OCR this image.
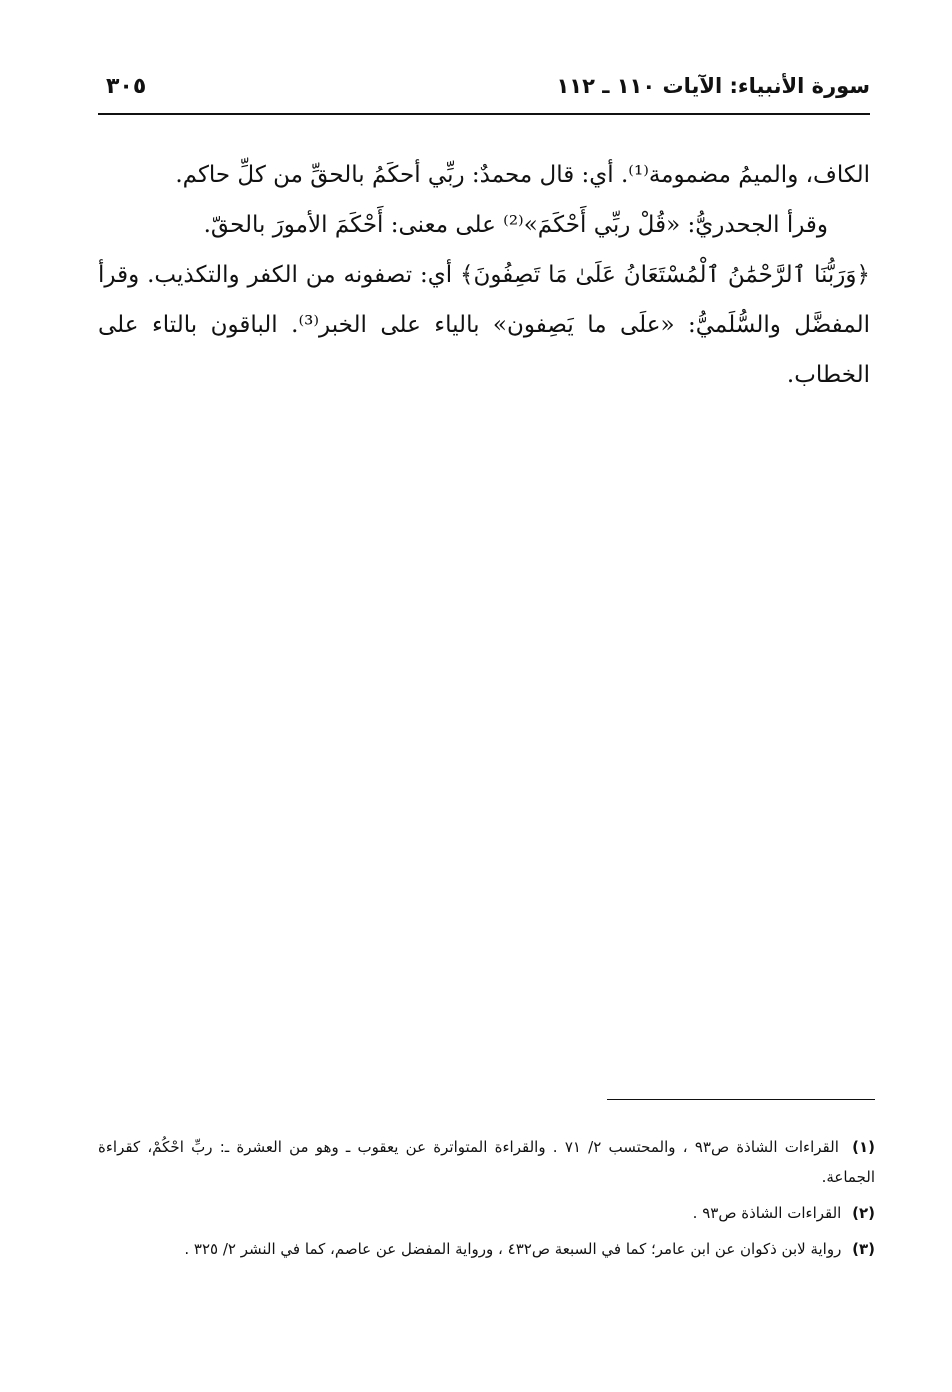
سورة الأنبياء: الآيات ١١٠ ـ ١١٢
٣٠٥

الكاف، والميمُ مضمومة⁽¹⁾. أي: قال محمدٌ: ربِّي أحكَمُ بالحقِّ من كلِّ حاكم.

وقرأ الجحدريُّ: «قُلْ ربِّي أَحْكَمَ»⁽²⁾ على معنى: أَحْكَمَ الأمورَ بالحقّ.

﴿وَرَبُّنَا ٱلرَّحْمَٰنُ ٱلْمُسْتَعَانُ عَلَىٰ مَا تَصِفُونَ﴾ أي: تصفونه من الكفر والتكذيب. وقرأ المفضَّل والسُّلَميُّ: «علَى ما يَصِفون» بالياء على الخبر⁽³⁾. الباقون بالتاء على الخطاب.

(١) القراءات الشاذة ص٩٣ ، والمحتسب ٢/ ٧١ . والقراءة المتواترة عن يعقوب ـ وهو من العشرة ـ: ربِّ احْكُمْ، كقراءة الجماعة.

(٢) القراءات الشاذة ص٩٣ .

(٣) رواية لابن ذكوان عن ابن عامر؛ كما في السبعة ص٤٣٢ ، ورواية المفضل عن عاصم، كما في النشر ٢/ ٣٢٥ .
